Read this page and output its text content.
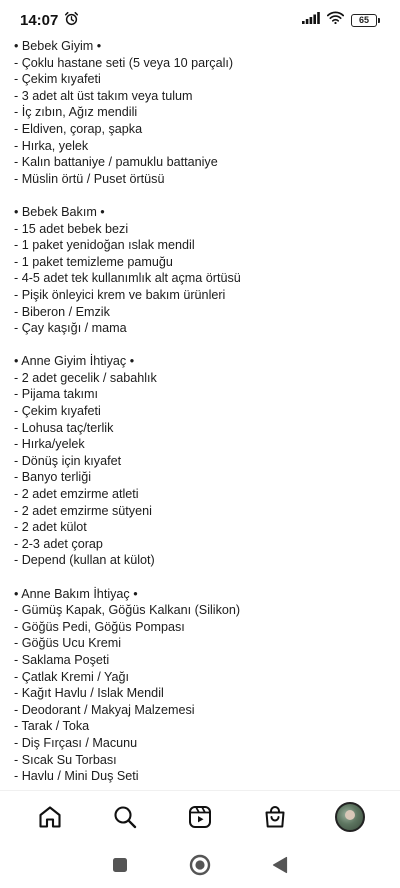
14:07	65
• Bebek Giyim •
- Çoklu hastane seti (5 veya 10 parçalı)
- Çekim kıyafeti
- 3 adet alt üst takım veya tulum
- İç zıbın, Ağız mendili
- Eldiven, çorap, şapka
- Hırka, yelek
- Kalın battaniye / pamuklu battaniye
- Müslin örtü / Puset örtüsü
• Bebek Bakım •
- 15 adet bebek bezi
- 1 paket yenidoğan ıslak mendil
- 1 paket temizleme pamuğu
- 4-5 adet tek kullanımlık alt açma örtüsü
- Pişik önleyici krem ve bakım ürünleri
- Biberon / Emzik
- Çay kaşığı / mama
• Anne Giyim İhtiyaç •
- 2 adet gecelik / sabahlık
- Pijama takımı
- Çekim kıyafeti
- Lohusa taç/terlik
- Hırka/yelek
- Dönüş için kıyafet
- Banyo terliği
- 2 adet emzirme atleti
- 2 adet emzirme sütyeni
- 2 adet külot
- 2-3 adet çorap
- Depend (kullan at külot)
• Anne Bakım İhtiyaç •
- Gümüş Kapak, Göğüs Kalkanı (Silikon)
- Göğüs Pedi, Göğüs Pompası
- Göğüs Ucu Kremi
- Saklama Poşeti
- Çatlak Kremi / Yağı
- Kağıt Havlu / Islak Mendil
- Deodorant / Makyaj Malzemesi
- Tarak / Toka
- Diş Fırçası / Macunu
- Sıcak Su Torbası
- Havlu / Mini Duş Seti
